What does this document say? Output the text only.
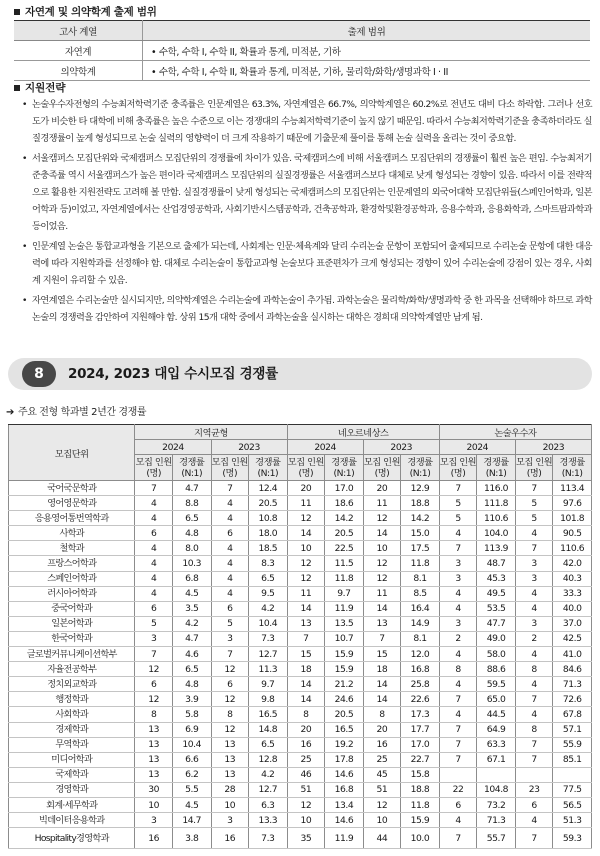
자연계 및 의약학계 출제 범위
고사 계열	출제 범위
자연계	• 수학, 수학 I, 수학 II, 확률과 통계, 미적분, 기하
의약학계	• 수학, 수학 I, 수학 II, 확률과 통계, 미적분, 기하, 물리학/화학/생명과학 I · II
지원전략
• 논술우수자전형의 수능최저학력기준 충족률은 인문계열은 63.3%, 자연계열은 66.7%, 의약학계열은 60.2%로 전년도 대비 다소 하락함. 그러나 선호도가 비슷한 타 대학에 비해 충족률은 높은 수준으로 이는 경쟁대의 수능최저학력기준이 높지 않기 때문임. 따라서 수능최저학력기준을 충족하더라도 실질경쟁률이 높게 형성되므로 논술 실력의 영향력이 더 크게 작용하기 때문에 기출문제 풀이를 통해 논술 실력을 올리는 것이 중요함.
• 서울캠퍼스 모집단위와 국제캠퍼스 모집단위의 경쟁률에 차이가 있음. 국제캠퍼스에 비해 서울캠퍼스 모집단위의 경쟁률이 훨씬 높은 편임. 수능최저기준충족률 역시 서울캠퍼스가 높은 편이라 국제캠퍼스 모집단위의 실질경쟁률은 서울캠퍼스보다 대체로 낮게 형성되는 경향이 있음. 따라서 이를 전략적으로 활용한 지원전략도 고려해 볼 만함. 실질경쟁률이 낮게 형성되는 국제캠퍼스의 모집단위는 인문계열의 외국어대학 모집단위들(스페인어학과, 일본어학과 등)이었고, 자연계열에서는 산업경영공학과, 사회기반시스템공학과, 건축공학과, 환경학및환경공학과, 응용수학과, 응용화학과, 스마트팜과학과 등이었음.
• 인문계열 논술은 통합교과형을 기본으로 출제가 되는데, 사회계는 인문·체육계와 달리 수리논술 문항이 포함되어 출제되므로 수리논술 문항에 대한 대응력에 따라 지원학과를 선정해야 함. 대체로 수리논술이 통합교과형 논술보다 표준편차가 크게 형성되는 경향이 있어 수리논술에 강점이 있는 경우, 사회계 지원이 유리할 수 있음.
• 자연계열은 수리논술만 실시되지만, 의약학계열은 수리논술에 과학논술이 추가됨. 과학논술은 물리학/화학/생명과학 중 한 과목을 선택해야 하므로 과학논술의 경쟁력을 감안하여 지원해야 함. 상위 15개 대학 중에서 과학논술을 실시하는 대학은 경희대 의약학계열만 남게 됨.
8	2024, 2023 대입 수시모집 경쟁률
➔ 주요 전형 학과별 2년간 경쟁률
모집단위	지역균형				네오르네상스				논술우수자			
	2024		2023		2024		2023		2024		2023	
	모집 인원(명)	경쟁률 (N:1)	모집 인원(명)	경쟁률 (N:1)	모집 인원(명)	경쟁률 (N:1)	모집 인원(명)	경쟁률 (N:1)	모집 인원(명)	경쟁률 (N:1)	모집 인원(명)	경쟁률 (N:1)
국어국문학과	7	4.7	7	12.4	20	17.0	20	12.9	7	116.0	7	113.4
영어영문학과	4	8.8	4	20.5	11	18.6	11	18.8	5	111.8	5	97.6
응용영어통번역학과	4	6.5	4	10.8	12	14.2	12	14.2	5	110.6	5	101.8
사학과	6	4.8	6	18.0	14	20.5	14	15.0	4	104.0	4	90.5
철학과	4	8.0	4	18.5	10	22.5	10	17.5	7	113.9	7	110.6
프랑스어학과	4	10.3	4	8.3	12	11.5	12	11.8	3	48.7	3	42.0
스페인어학과	4	6.8	4	6.5	12	11.8	12	8.1	3	45.3	3	40.3
러시아어학과	4	4.5	4	9.5	11	9.7	11	8.5	4	49.5	4	33.3
중국어학과	6	3.5	6	4.2	14	11.9	14	16.4	4	53.5	4	40.0
일본어학과	5	4.2	5	10.4	13	13.5	13	14.9	3	47.7	3	37.0
한국어학과	3	4.7	3	7.3	7	10.7	7	8.1	2	49.0	2	42.5
글로벌커뮤니케이션학부	7	4.6	7	12.7	15	15.9	15	12.0	4	58.0	4	41.0
자율전공학부	12	6.5	12	11.3	18	15.9	18	16.8	8	88.6	8	84.6
정치외교학과	6	4.8	6	9.7	14	21.2	14	25.8	4	59.5	4	71.3
행정학과	12	3.9	12	9.8	14	24.6	14	22.6	7	65.0	7	72.6
사회학과	8	5.8	8	16.5	8	20.5	8	17.3	4	44.5	4	67.8
경제학과	13	6.9	12	14.8	20	16.5	20	17.7	7	64.9	8	57.1
무역학과	13	10.4	13	6.5	16	19.2	16	17.0	7	63.3	7	55.9
미디어학과	13	6.6	13	12.8	25	17.8	25	22.7	7	67.1	7	85.1
국제학과	13	6.2	13	4.2	46	14.6	45	15.8				
경영학과	30	5.5	28	12.7	51	16.8	51	18.8	22	104.8	23	77.5
회계·세무학과	10	4.5	10	6.3	12	13.4	12	11.8	6	73.2	6	56.5
빅데이터응용학과	3	14.7	3	13.3	10	14.6	10	15.9	4	71.3	4	51.3
Hospitality경영학과	16	3.8	16	7.3	35	11.9	44	10.0	7	55.7	7	59.3
